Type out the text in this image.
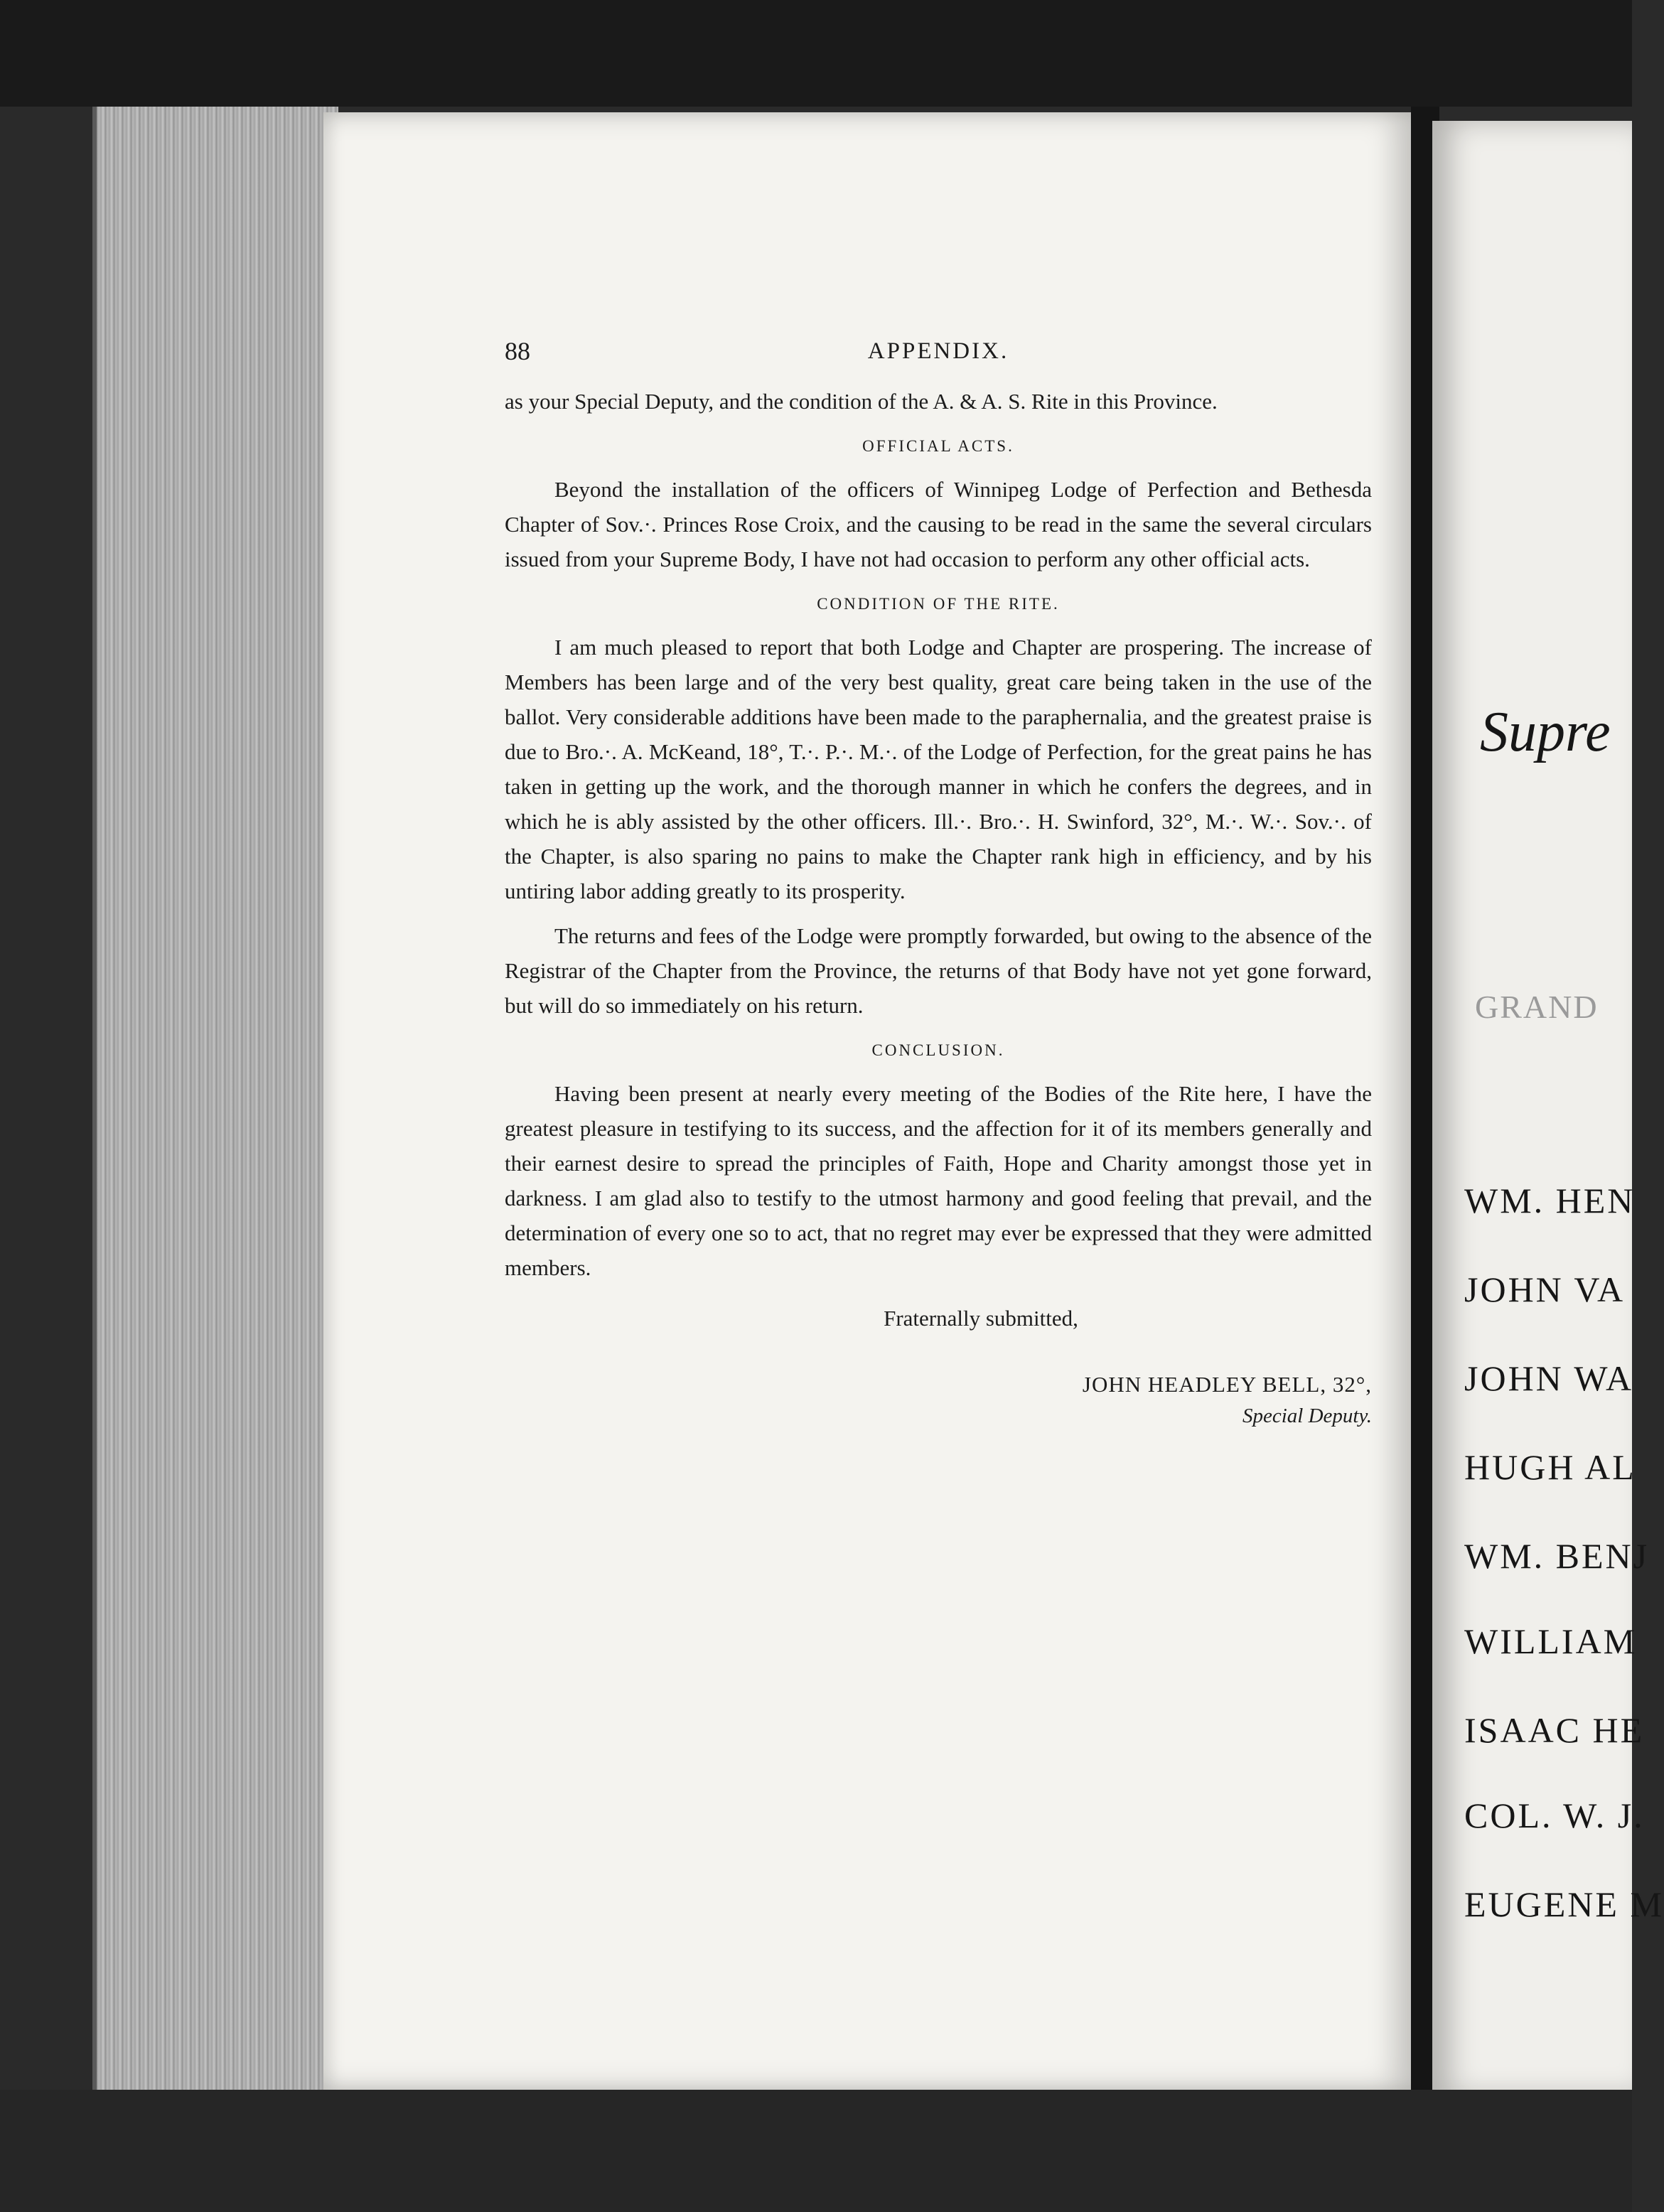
88	APPENDIX.

as your Special Deputy, and the condition of the A. & A. S. Rite in this Province.

OFFICIAL ACTS.

Beyond the installation of the officers of Winnipeg Lodge of Perfection and Bethesda Chapter of Sov.·. Princes Rose Croix, and the causing to be read in the same the several circulars issued from your Supreme Body, I have not had occasion to perform any other official acts.

CONDITION OF THE RITE.

I am much pleased to report that both Lodge and Chapter are prospering. The increase of Members has been large and of the very best quality, great care being taken in the use of the ballot. Very considerable additions have been made to the paraphernalia, and the greatest praise is due to Bro.·. A. McKeand, 18°, T.·. P.·. M.·. of the Lodge of Perfection, for the great pains he has taken in getting up the work, and the thorough manner in which he confers the degrees, and in which he is ably assisted by the other officers. Ill.·. Bro.·. H. Swinford, 32°, M.·. W.·. Sov.·. of the Chapter, is also sparing no pains to make the Chapter rank high in efficiency, and by his untiring labor adding greatly to its prosperity.

The returns and fees of the Lodge were promptly forwarded, but owing to the absence of the Registrar of the Chapter from the Province, the returns of that Body have not yet gone forward, but will do so immediately on his return.

CONCLUSION.

Having been present at nearly every meeting of the Bodies of the Rite here, I have the greatest pleasure in testifying to its success, and the affection for it of its members generally and their earnest desire to spread the principles of Faith, Hope and Charity amongst those yet in darkness. I am glad also to testify to the utmost harmony and good feeling that prevail, and the determination of every one so to act, that no regret may ever be expressed that they were admitted members.

Fraternally submitted,
JOHN HEADLEY BELL, 32°,
Special Deputy.
Supre
GRAND
WM. HEN
JOHN VA
JOHN WA
HUGH AL
WM. BENJ
WILLIAM
ISAAC HE
COL. W. J.
EUGENE M
